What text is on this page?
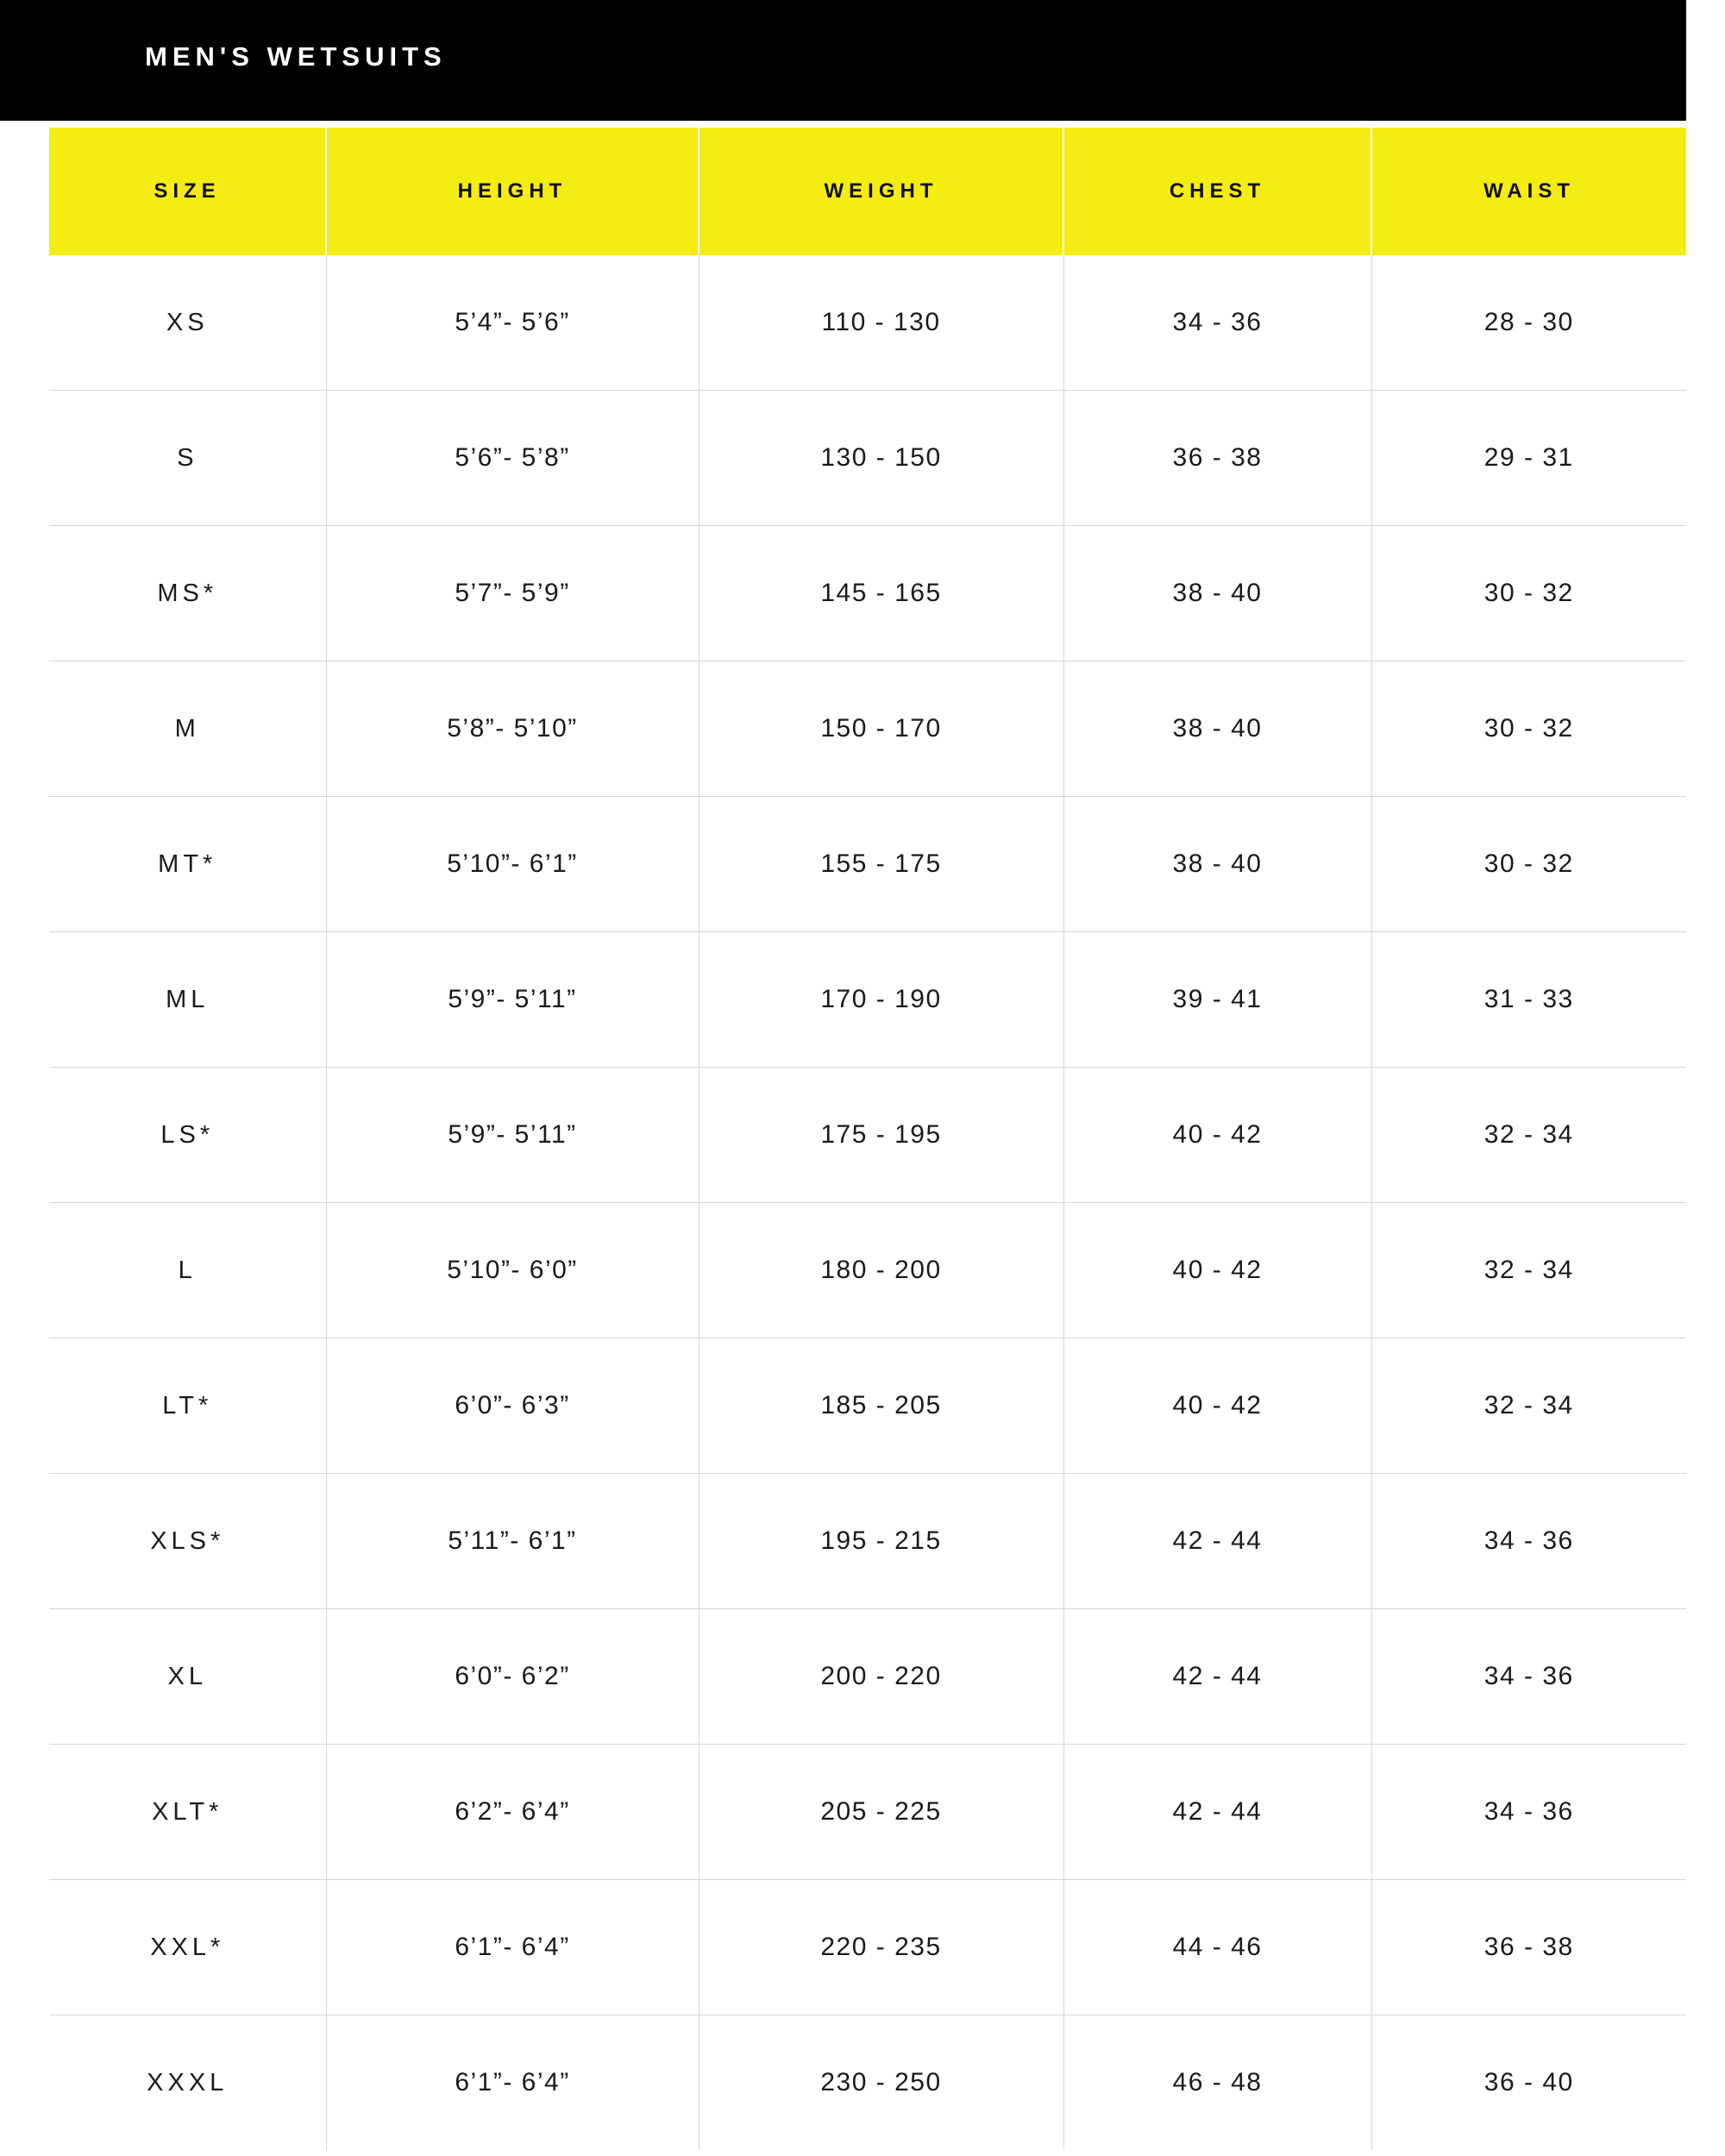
MEN'S WETSUITS
SIZE	HEIGHT	WEIGHT	CHEST	WAIST
XS	5’4”- 5’6”	110 - 130	34 - 36	28 - 30
S	5’6”- 5’8”	130 - 150	36 - 38	29 - 31
MS*	5’7”- 5’9”	145 - 165	38 - 40	30 - 32
M	5’8”- 5’10”	150 - 170	38 - 40	30 - 32
MT*	5’10”- 6’1”	155 - 175	38 - 40	30 - 32
ML	5’9”- 5’11”	170 - 190	39 - 41	31 - 33
LS*	5’9”- 5’11”	175 - 195	40 - 42	32 - 34
L	5’10”- 6’0”	180 - 200	40 - 42	32 - 34
LT*	6’0”- 6’3”	185 - 205	40 - 42	32 - 34
XLS*	5’11”- 6’1”	195 - 215	42 - 44	34 - 36
XL	6’0”- 6’2”	200 - 220	42 - 44	34 - 36
XLT*	6’2”- 6’4”	205 - 225	42 - 44	34 - 36
XXL*	6’1”- 6’4”	220 - 235	44 - 46	36 - 38
XXXL	6’1”- 6’4”	230 - 250	46 - 48	36 - 40
